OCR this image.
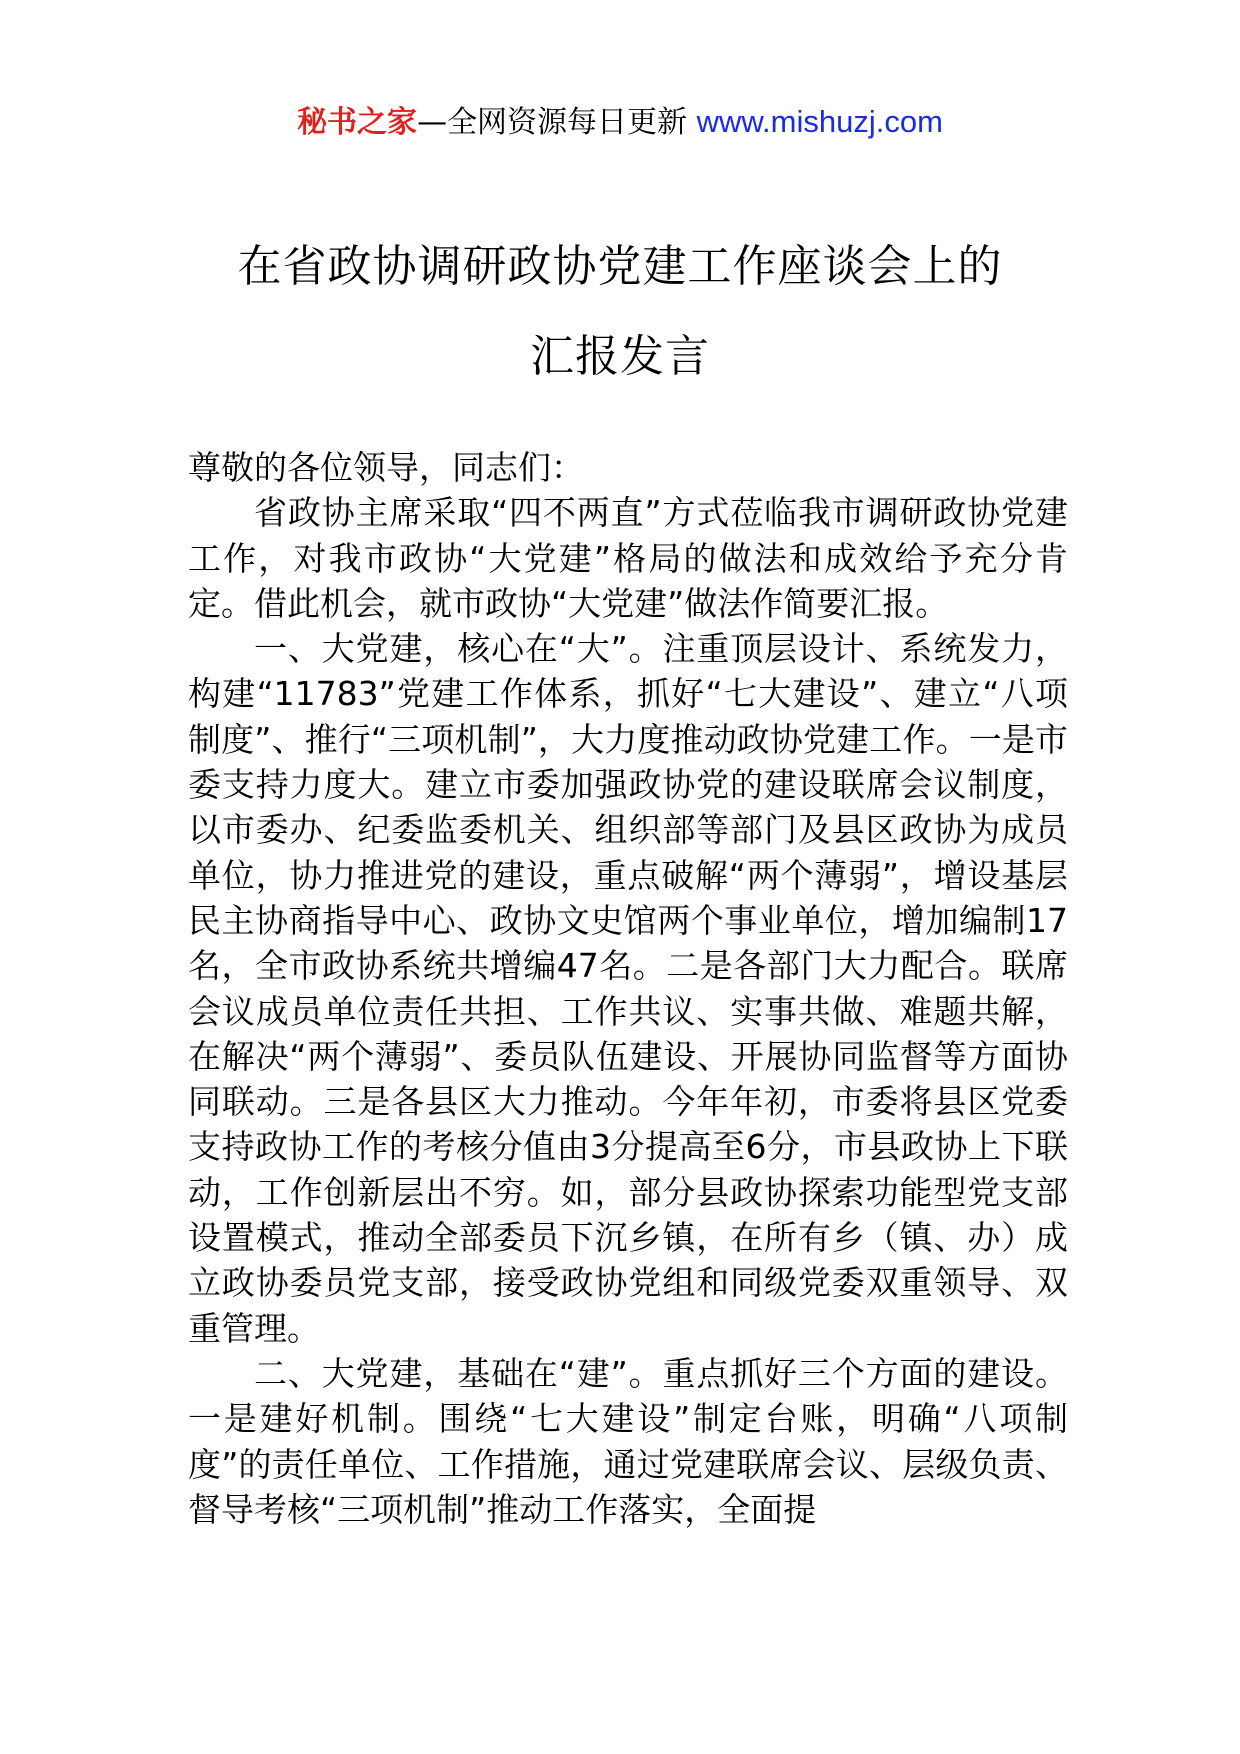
秘书之家—全网资源每日更新 www.mishuzj.com
在省政协调研政协党建工作座谈会上的
汇报发言

尊敬的各位领导，同志们：

省政协主席采取“四不两直”方式莅临我市调研政协党建工作，对我市政协“大党建”格局的做法和成效给予充分肯定。借此机会，就市政协“大党建”做法作简要汇报。

一、大党建，核心在“大”。注重顶层设计、系统发力，构建“11783”党建工作体系，抓好“七大建设”、建立“八项制度”、推行“三项机制”，大力度推动政协党建工作。一是市委支持力度大。建立市委加强政协党的建设联席会议制度，以市委办、纪委监委机关、组织部等部门及县区政协为成员单位，协力推进党的建设，重点破解“两个薄弱”，增设基层民主协商指导中心、政协文史馆两个事业单位，增加编制17名，全市政协系统共增编47名。二是各部门大力配合。联席会议成员单位责任共担、工作共议、实事共做、难题共解，在解决“两个薄弱”、委员队伍建设、开展协同监督等方面协同联动。三是各县区大力推动。今年年初，市委将县区党委支持政协工作的考核分值由3分提高至6分，市县政协上下联动，工作创新层出不穷。如，部分县政协探索功能型党支部设置模式，推动全部委员下沉乡镇，在所有乡（镇、办）成立政协委员党支部，接受政协党组和同级党委双重领导、双重管理。

二、大党建，基础在“建”。重点抓好三个方面的建设。一是建好机制。围绕“七大建设”制定台账，明确“八项制度”的责任单位、工作措施，通过党建联席会议、层级负责、督导考核“三项机制”推动工作落实，全面提
